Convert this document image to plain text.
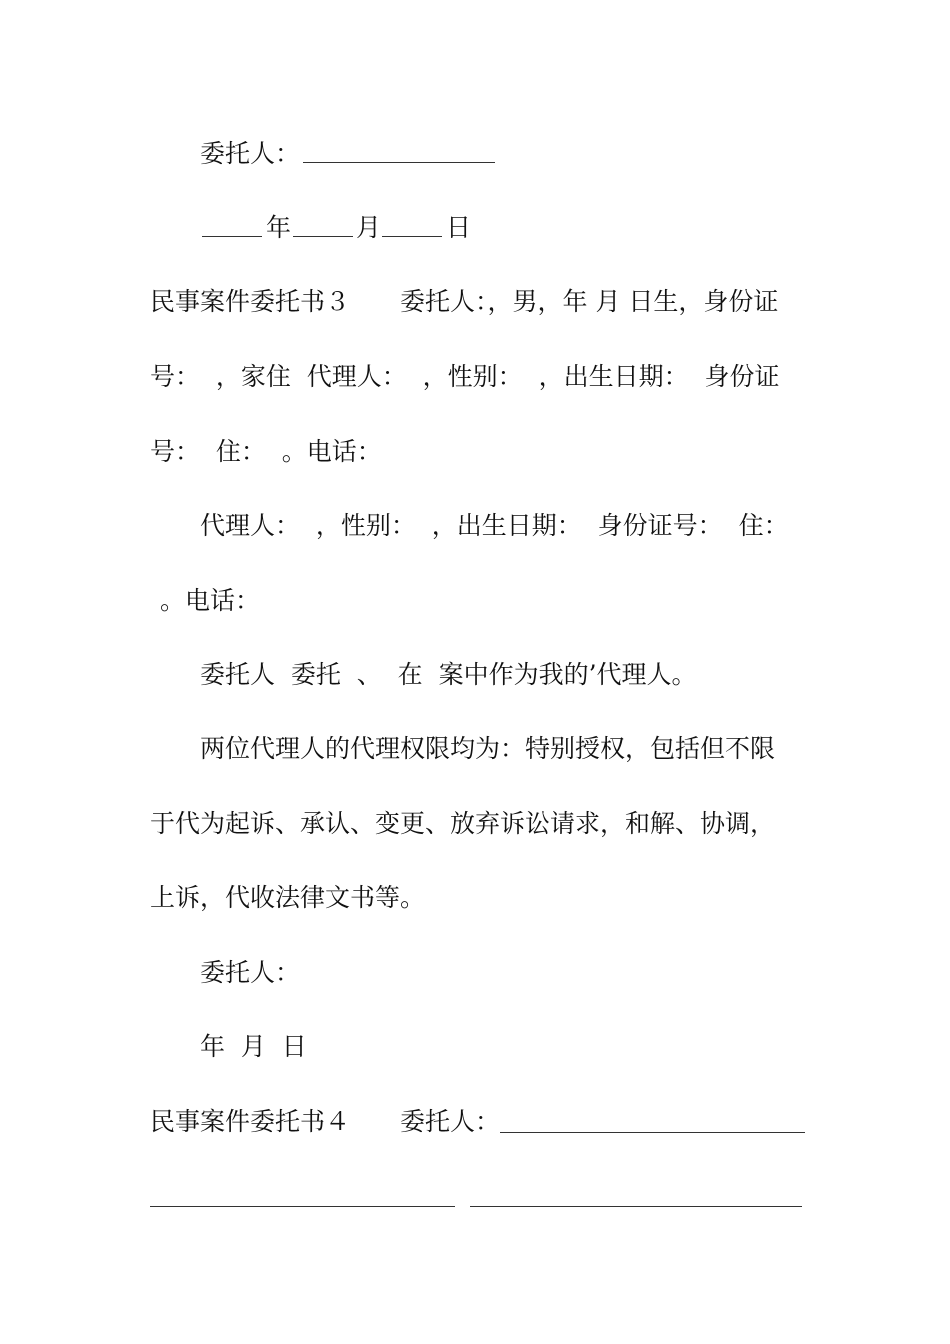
委托人：
年	月	日
民事案件委托书３　　委托人：，男，年 月 日生，身份证
号：  ，家住  代理人：  ，性别：  ，出生日期：  身份证
号：  住：  。电话：
代理人：  ，性别：  ，出生日期：  身份证号：  住：
。电话：
委托人  委托  、  在  案中作为我的’代理人。
两位代理人的代理权限均为：特别授权，包括但不限
于代为起诉、承认、变更、放弃诉讼请求，和解、协调，
上诉，代收法律文书等。
委托人：
年  月  日
民事案件委托书４　　委托人：
